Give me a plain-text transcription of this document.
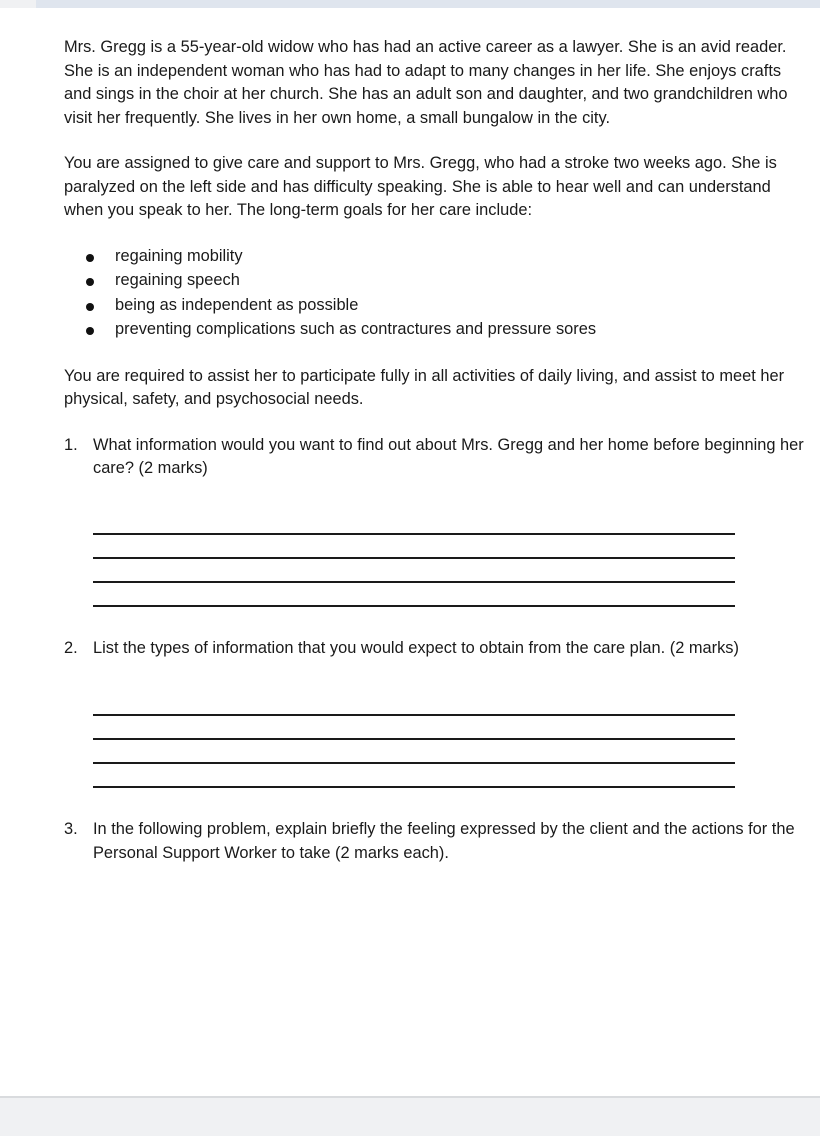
Mrs. Gregg is a 55-year-old widow who has had an active career as a lawyer. She is an avid reader. She is an independent woman who has had to adapt to many changes in her life. She enjoys crafts and sings in the choir at her church. She has an adult son and daughter, and two grandchildren who visit her frequently. She lives in her own home, a small bungalow in the city.

You are assigned to give care and support to Mrs. Gregg, who had a stroke two weeks ago. She is paralyzed on the left side and has difficulty speaking. She is able to hear well and can understand when you speak to her. The long-term goals for her care include:

regaining mobility
regaining speech
being as independent as possible
preventing complications such as contractures and pressure sores

You are required to assist her to participate fully in all activities of daily living, and assist to meet her physical, safety, and psychosocial needs.

1. What information would you want to find out about Mrs. Gregg and her home before beginning her care? (2 marks)
2. List the types of information that you would expect to obtain from the care plan. (2 marks)
3. In the following problem, explain briefly the feeling expressed by the client and the actions for the Personal Support Worker to take (2 marks each).
